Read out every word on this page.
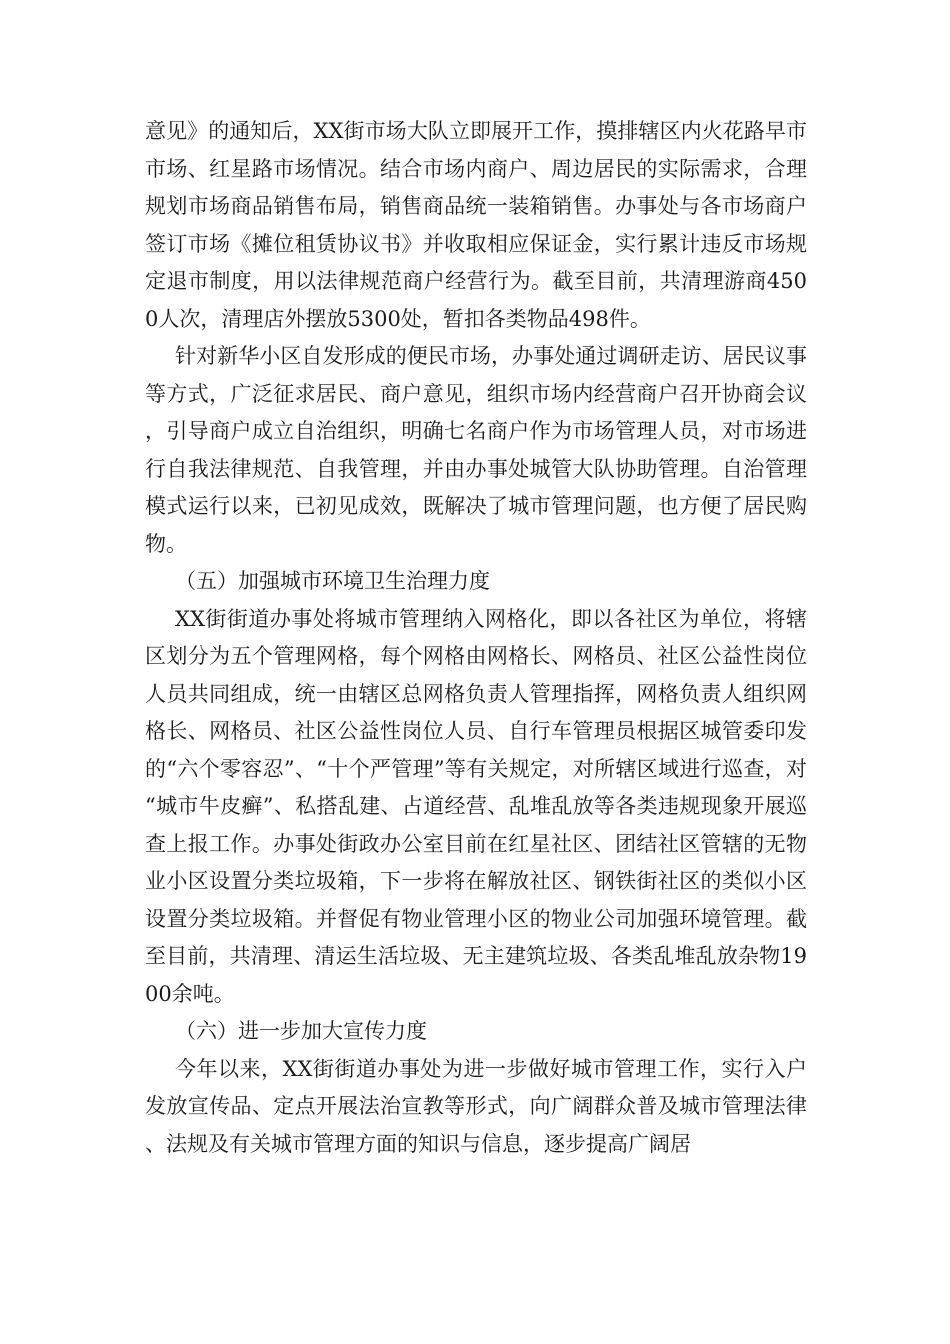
意见》的通知后，XX街市场大队立即展开工作，摸排辖区内火花路早市市场、红星路市场情况。结合市场内商户、周边居民的实际需求，合理规划市场商品销售布局，销售商品统一装箱销售。办事处与各市场商户签订市场《摊位租赁协议书》并收取相应保证金，实行累计违反市场规定退市制度，用以法律规范商户经营行为。截至目前，共清理游商4500人次，清理店外摆放5300处，暂扣各类物品498件。

针对新华小区自发形成的便民市场，办事处通过调研走访、居民议事等方式，广泛征求居民、商户意见，组织市场内经营商户召开协商会议，引导商户成立自治组织，明确七名商户作为市场管理人员，对市场进行自我法律规范、自我管理，并由办事处城管大队协助管理。自治管理模式运行以来，已初见成效，既解决了城市管理问题，也方便了居民购物。

（五）加强城市环境卫生治理力度

XX街街道办事处将城市管理纳入网格化，即以各社区为单位，将辖区划分为五个管理网格，每个网格由网格长、网格员、社区公益性岗位人员共同组成，统一由辖区总网格负责人管理指挥，网格负责人组织网格长、网格员、社区公益性岗位人员、自行车管理员根据区城管委印发的“六个零容忍”、“十个严管理”等有关规定，对所辖区域进行巡查，对“城市牛皮癣”、私搭乱建、占道经营、乱堆乱放等各类违规现象开展巡查上报工作。办事处街政办公室目前在红星社区、团结社区管辖的无物业小区设置分类垃圾箱，下一步将在解放社区、钢铁街社区的类似小区设置分类垃圾箱。并督促有物业管理小区的物业公司加强环境管理。截至目前，共清理、清运生活垃圾、无主建筑垃圾、各类乱堆乱放杂物1900余吨。

（六）进一步加大宣传力度

今年以来，XX街街道办事处为进一步做好城市管理工作，实行入户发放宣传品、定点开展法治宣教等形式，向广阔群众普及城市管理法律、法规及有关城市管理方面的知识与信息，逐步提高广阔居
